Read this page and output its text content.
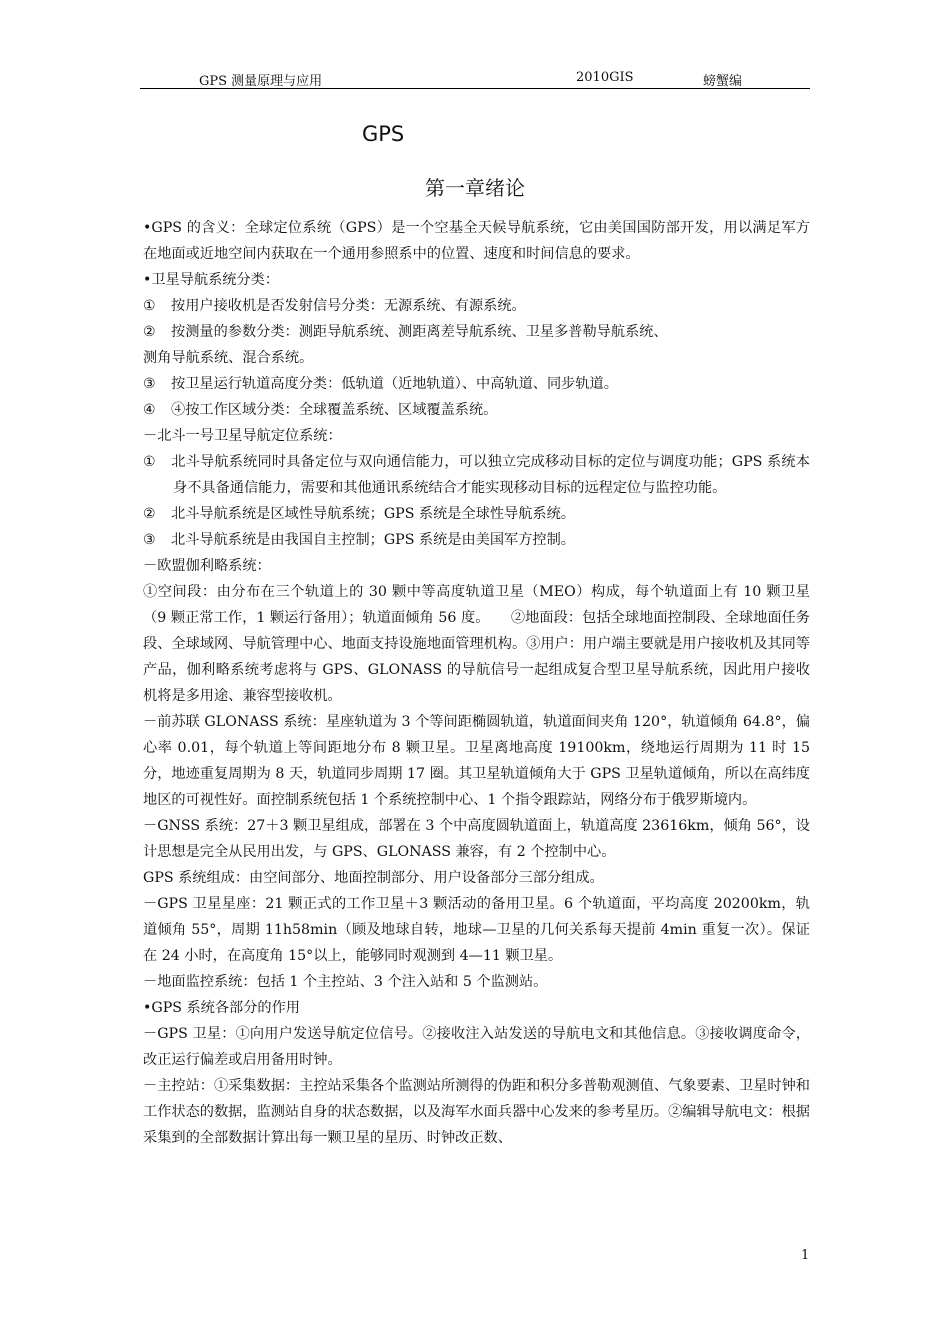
GPS 测量原理与应用	2010GIS	螃蟹编
GPS
第一章绪论

•GPS 的含义：全球定位系统（GPS）是一个空基全天候导航系统，它由美国国防部开发，用以满足军方在地面或近地空间内获取在一个通用参照系中的位置、速度和时间信息的要求。

•卫星导航系统分类：

① 按用户接收机是否发射信号分类：无源系统、有源系统。

② 按测量的参数分类：测距导航系统、测距离差导航系统、卫星多普勒导航系统、

测角导航系统、混合系统。

③ 按卫星运行轨道高度分类：低轨道（近地轨道）、中高轨道、同步轨道。

④ ④按工作区域分类：全球覆盖系统、区域覆盖系统。

－北斗一号卫星导航定位系统：

① 北斗导航系统同时具备定位与双向通信能力，可以独立完成移动目标的定位与调度功能；GPS 系统本身不具备通信能力，需要和其他通讯系统结合才能实现移动目标的远程定位与监控功能。

② 北斗导航系统是区域性导航系统；GPS 系统是全球性导航系统。

③ 北斗导航系统是由我国自主控制；GPS 系统是由美国军方控制。

－欧盟伽利略系统：

①空间段：由分布在三个轨道上的 30 颗中等高度轨道卫星（MEO）构成，每个轨道面上有 10 颗卫星（9 颗正常工作，1 颗运行备用）；轨道面倾角 56 度。　　②地面段：包括全球地面控制段、全球地面任务段、全球域网、导航管理中心、地面支持设施地面管理机构。③用户：用户端主要就是用户接收机及其同等产品，伽利略系统考虑将与 GPS、GLONASS 的导航信号一起组成复合型卫星导航系统，因此用户接收机将是多用途、兼容型接收机。

－前苏联 GLONASS 系统：星座轨道为 3 个等间距椭圆轨道，轨道面间夹角 120°，轨道倾角 64.8°，偏心率 0.01，每个轨道上等间距地分布 8 颗卫星。卫星离地高度 19100km，绕地运行周期为 11 时 15 分，地迹重复周期为 8 天，轨道同步周期 17 圈。其卫星轨道倾角大于 GPS 卫星轨道倾角，所以在高纬度地区的可视性好。面控制系统包括 1 个系统控制中心、1 个指令跟踪站，网络分布于俄罗斯境内。

－GNSS 系统：27＋3 颗卫星组成，部署在 3 个中高度圆轨道面上，轨道高度 23616km，倾角 56°，设计思想是完全从民用出发，与 GPS、GLONASS 兼容，有 2 个控制中心。

GPS 系统组成：由空间部分、地面控制部分、用户设备部分三部分组成。

－GPS 卫星星座：21 颗正式的工作卫星＋3 颗活动的备用卫星。6 个轨道面，平均高度 20200km，轨道倾角 55°，周期 11h58min（顾及地球自转，地球—卫星的几何关系每天提前 4min 重复一次）。保证在 24 小时，在高度角 15°以上，能够同时观测到 4—11 颗卫星。

－地面监控系统：包括 1 个主控站、3 个注入站和 5 个监测站。

•GPS 系统各部分的作用

－GPS 卫星：①向用户发送导航定位信号。②接收注入站发送的导航电文和其他信息。③接收调度命令，改正运行偏差或启用备用时钟。

－主控站：①采集数据：主控站采集各个监测站所测得的伪距和积分多普勒观测值、气象要素、卫星时钟和工作状态的数据，监测站自身的状态数据，以及海军水面兵器中心发来的参考星历。②编辑导航电文：根据采集到的全部数据计算出每一颗卫星的星历、时钟改正数、

1
